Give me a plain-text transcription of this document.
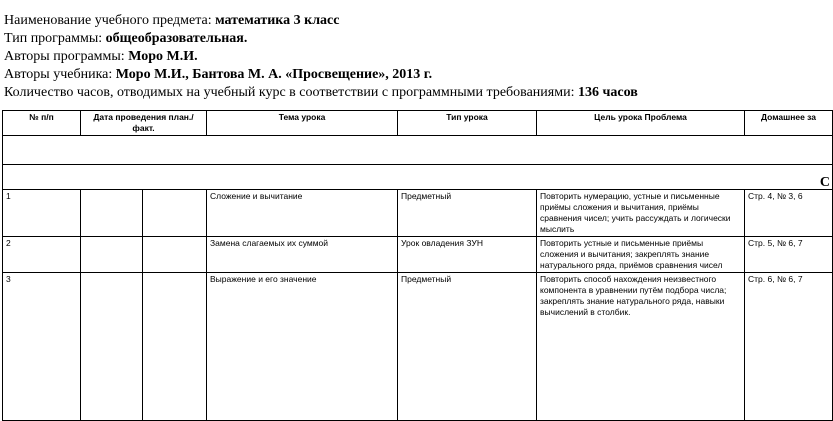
Наименование учебного предмета: математика 3 класс
Тип программы: общеобразовательная.
Авторы программы: Моро М.И.
Авторы учебника: Моро М.И., Бантова М. А. «Просвещение», 2013 г.
Количество часов, отводимых на учебный курс в соответствии с программными требованиями: 136 часов
№ п/п	Дата проведения план./факт.		Тема урока	Тип урока	Цель урока Проблема	Домашнее за

С						
1			Сложение и вычитание	Предметный	Повторить нумерацию, устные и письменные приёмы сложения и вычитания, приёмы сравнения чисел; учить рассуждать и логически мыслить	Стр. 4, № 3, 6
2			Замена слагаемых их суммой	Урок овладения ЗУН	Повторить устные и письменные приёмы сложения и вычитания; закреплять знание натурального ряда, приёмов сравнения чисел	Стр. 5, № 6, 7
3			Выражение и его значение	Предметный	Повторить способ нахождения неизвестного компонента в уравнении путём подбора числа; закреплять знание натурального ряда, навыки вычислений в столбик.	Стр. 6, № 6, 7
